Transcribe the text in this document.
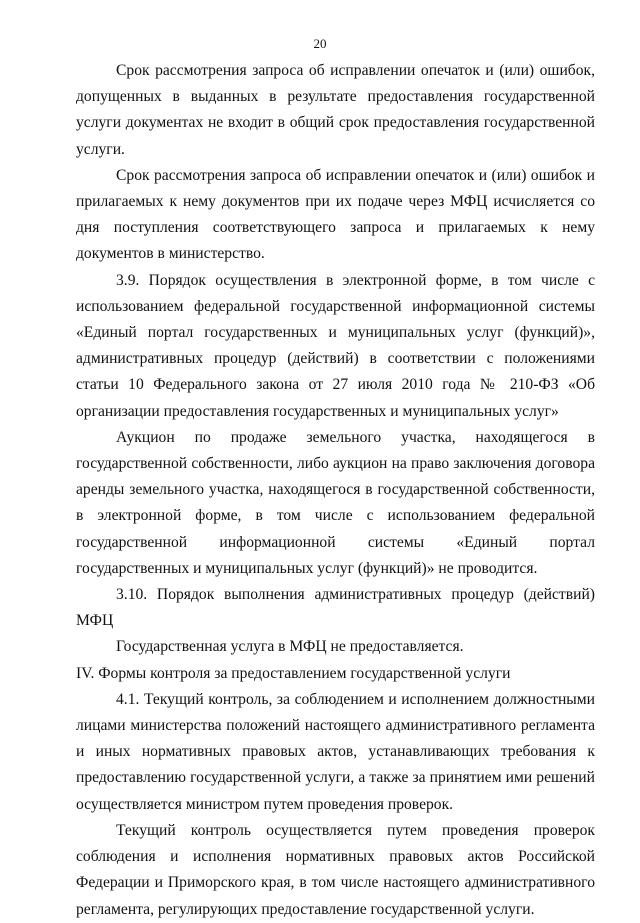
20

Срок рассмотрения запроса об исправлении опечаток и (или) ошибок, допущенных в выданных в результате предоставления государственной услуги документах не входит в общий срок предоставления государственной услуги.

Срок рассмотрения запроса об исправлении опечаток и (или) ошибок и прилагаемых к нему документов при их подаче через МФЦ исчисляется со дня поступления соответствующего запроса и прилагаемых к нему документов в министерство.

3.9. Порядок осуществления в электронной форме, в том числе с использованием федеральной государственной информационной системы «Единый портал государственных и муниципальных услуг (функций)», административных процедур (действий) в соответствии с положениями статьи 10 Федерального закона от 27 июля 2010 года № 210-ФЗ «Об организации предоставления государственных и муниципальных услуг»

Аукцион по продаже земельного участка, находящегося в государственной собственности, либо аукцион на право заключения договора аренды земельного участка, находящегося в государственной собственности, в электронной форме, в том числе с использованием федеральной государственной информационной системы «Единый портал государственных и муниципальных услуг (функций)» не проводится.

3.10. Порядок выполнения административных процедур (действий) МФЦ

Государственная услуга в МФЦ не предоставляется.

IV. Формы контроля за предоставлением государственной услуги

4.1. Текущий контроль, за соблюдением и исполнением должностными лицами министерства положений настоящего административного регламента и иных нормативных правовых актов, устанавливающих требования к предоставлению государственной услуги, а также за принятием ими решений осуществляется министром путем проведения проверок.

Текущий контроль осуществляется путем проведения проверок соблюдения и исполнения нормативных правовых актов Российской Федерации и Приморского края, в том числе настоящего административного регламента, регулирующих предоставление государственной услуги.
